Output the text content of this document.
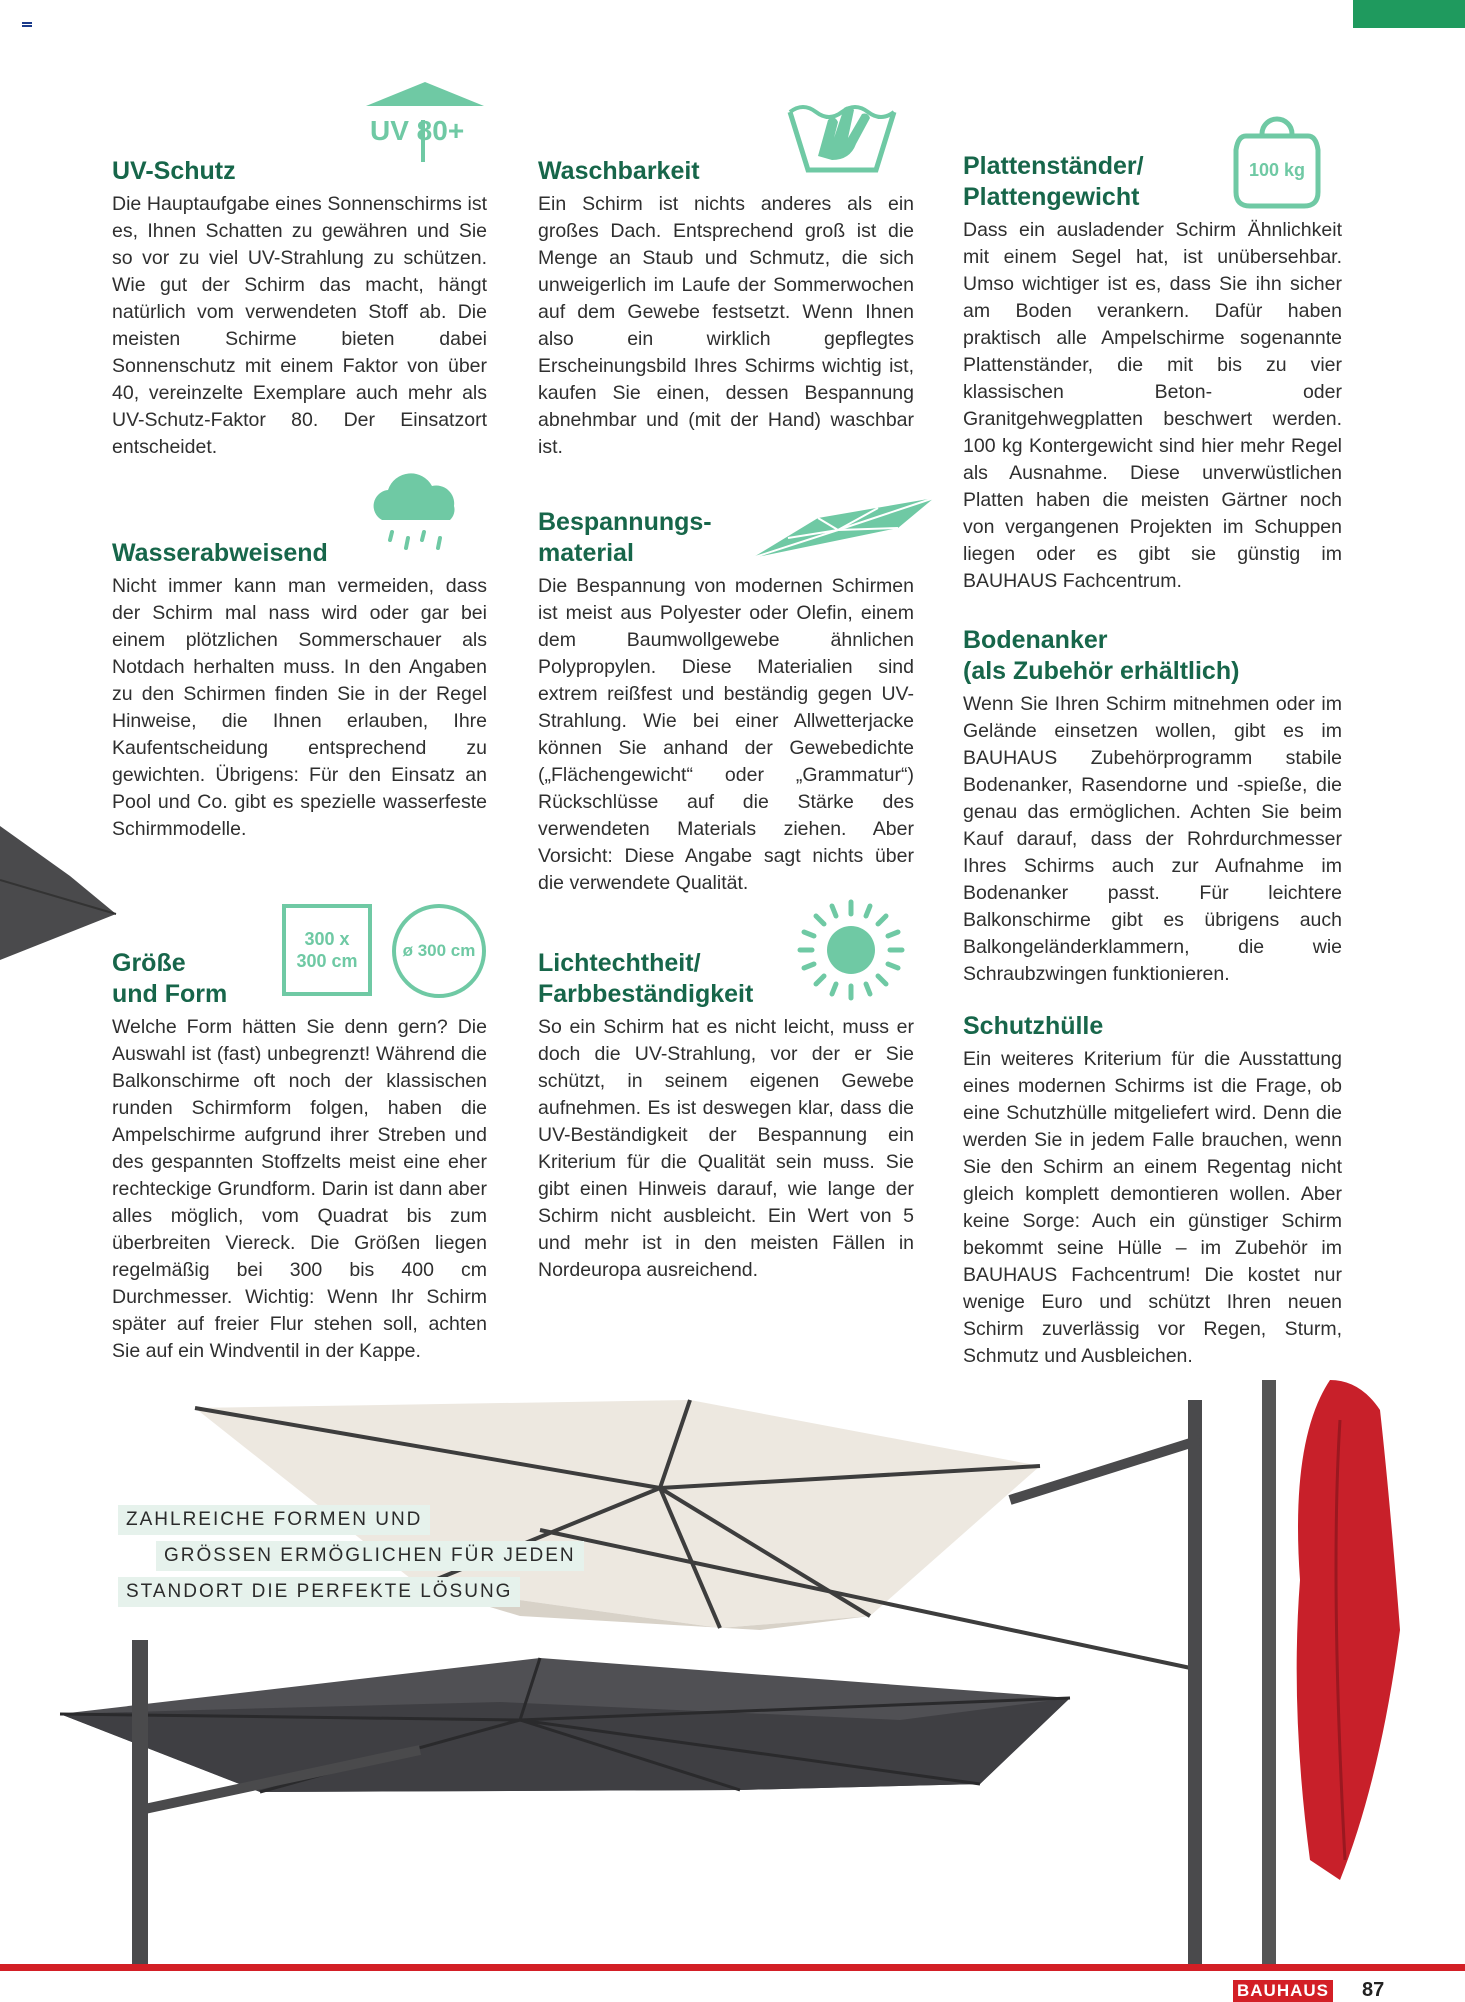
UV 80+
UV-Schutz
Die Hauptaufgabe eines Sonnenschirms ist es, Ihnen Schatten zu gewähren und Sie so vor zu viel UV-Strahlung zu schützen. Wie gut der Schirm das macht, hängt natürlich vom verwendeten Stoff ab. Die meisten Schirme bieten dabei Sonnenschutz mit einem Faktor von über 40, vereinzelte Exemplare auch mehr als UV-Schutz-Faktor 80. Der Einsatzort entscheidet.
Wasserabweisend
Nicht immer kann man vermeiden, dass der Schirm mal nass wird oder gar bei einem plötzlichen Sommerschauer als Notdach herhalten muss. In den Angaben zu den Schirmen finden Sie in der Regel Hinweise, die Ihnen erlauben, Ihre Kaufentscheidung entsprechend zu gewichten. Übrigens: Für den Einsatz an Pool und Co. gibt es spezielle wasserfeste Schirmmodelle.
300 x
300 cm
ø 300 cm
Größe
und Form
Welche Form hätten Sie denn gern? Die Auswahl ist (fast) unbegrenzt! Während die Balkonschirme oft noch der klassischen runden Schirmform folgen, haben die Ampelschirme aufgrund ihrer Streben und des gespannten Stoffzelts meist eine eher rechteckige Grundform. Darin ist dann aber alles möglich, vom Quadrat bis zum überbreiten Viereck. Die Größen liegen regelmäßig bei 300 bis 400 cm Durchmesser. Wichtig: Wenn Ihr Schirm später auf freier Flur stehen soll, achten Sie auf ein Windventil in der Kappe.
Waschbarkeit
Ein Schirm ist nichts anderes als ein großes Dach. Entsprechend groß ist die Menge an Staub und Schmutz, die sich unweigerlich im Laufe der Sommerwochen auf dem Gewebe festsetzt. Wenn Ihnen also ein wirklich gepflegtes Erscheinungsbild Ihres Schirms wichtig ist, kaufen Sie einen, dessen Bespannung abnehmbar und (mit der Hand) waschbar ist.
Bespannungs-
material
Die Bespannung von modernen Schirmen ist meist aus Polyester oder Olefin, einem dem Baumwollgewebe ähnlichen Polypropylen. Diese Materialien sind extrem reißfest und beständig gegen UV-Strahlung. Wie bei einer Allwetterjacke können Sie anhand der Gewebedichte („Flächengewicht“ oder „Grammatur“) Rückschlüsse auf die Stärke des verwendeten Materials ziehen. Aber Vorsicht: Diese Angabe sagt nichts über die verwendete Qualität.
Lichtechtheit/
Farbbeständigkeit
So ein Schirm hat es nicht leicht, muss er doch die UV-Strahlung, vor der er Sie schützt, in seinem eigenen Gewebe aufnehmen. Es ist deswegen klar, dass die UV-Beständigkeit der Bespannung ein Kriterium für die Qualität sein muss. Sie gibt einen Hinweis darauf, wie lange der Schirm nicht ausbleicht. Ein Wert von 5 und mehr ist in den meisten Fällen in Nordeuropa ausreichend.
100 kg
Plattenständer/
Plattengewicht
Dass ein ausladender Schirm Ähnlichkeit mit einem Segel hat, ist unübersehbar. Umso wichtiger ist es, dass Sie ihn sicher am Boden verankern. Dafür haben praktisch alle Ampelschirme sogenannte Plattenständer, die mit bis zu vier klassischen Beton- oder Granitgehwegplatten beschwert werden. 100 kg Kontergewicht sind hier mehr Regel als Ausnahme. Diese unverwüstlichen Platten haben die meisten Gärtner noch von vergangenen Projekten im Schuppen liegen oder es gibt sie günstig im BAUHAUS Fachcentrum.
Bodenanker
(als Zubehör erhältlich)
Wenn Sie Ihren Schirm mitnehmen oder im Gelände einsetzen wollen, gibt es im BAUHAUS Zubehörprogramm stabile Bodenanker, Rasendorne und -spieße, die genau das ermöglichen. Achten Sie beim Kauf darauf, dass der Rohrdurchmesser Ihres Schirms auch zur Aufnahme im Bodenanker passt. Für leichtere Balkonschirme gibt es übrigens auch Balkongeländerklammern, die wie Schraubzwingen funktionieren.
Schutzhülle
Ein weiteres Kriterium für die Ausstattung eines modernen Schirms ist die Frage, ob eine Schutzhülle mitgeliefert wird. Denn die werden Sie in jedem Falle brauchen, wenn Sie den Schirm an einem Regentag nicht gleich komplett demontieren wollen. Aber keine Sorge: Auch ein günstiger Schirm bekommt seine Hülle – im Zubehör im BAUHAUS Fachcentrum! Die kostet nur wenige Euro und schützt Ihren neuen Schirm zuverlässig vor Regen, Sturm, Schmutz und Ausbleichen.
ZAHLREICHE FORMEN UND
GRÖSSEN ERMÖGLICHEN FÜR JEDEN
STANDORT DIE PERFEKTE LÖSUNG
BAUHAUS 87
